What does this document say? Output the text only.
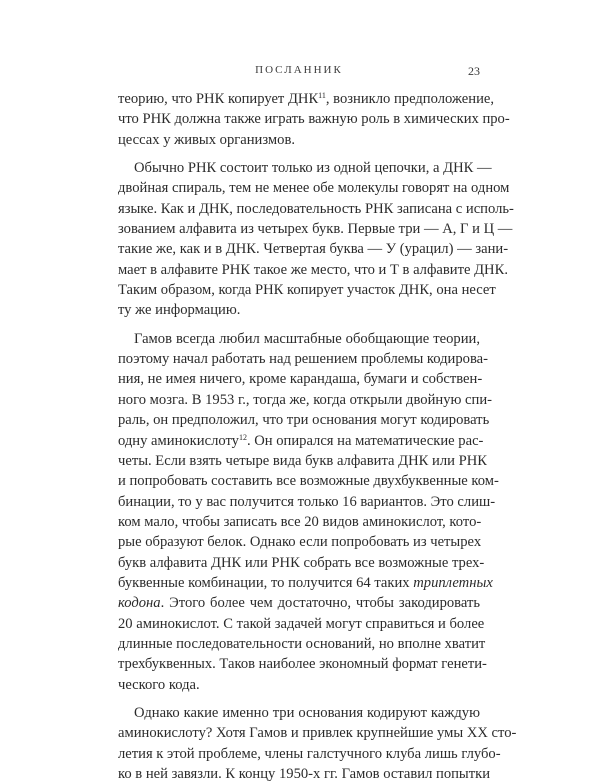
ПОСЛАННИК	23
теорию, что РНК копирует ДНК$^{11}$, возникло предположение,
что РНК должна также играть важную роль в химических про-
цессах у живых организмов.
Обычно РНК состоит только из одной цепочки, а ДНК —
двойная спираль, тем не менее обе молекулы говорят на одном
языке. Как и ДНК, последовательность РНК записана с исполь-
зованием алфавита из четырех букв. Первые три — А, Г и Ц —
такие же, как и в ДНК. Четвертая буква — У (урацил) — зани-
мает в алфавите РНК такое же место, что и Т в алфавите ДНК.
Таким образом, когда РНК копирует участок ДНК, она несет
ту же информацию.
Гамов всегда любил масштабные обобщающие теории,
поэтому начал работать над решением проблемы кодирова-
ния, не имея ничего, кроме карандаша, бумаги и собствен-
ного мозга. В 1953 г., тогда же, когда открыли двойную спи-
раль, он предположил, что три основания могут кодировать
одну аминокислоту$^{12}$. Он опирался на математические рас-
четы. Если взять четыре вида букв алфавита ДНК или РНК
и попробовать составить все возможные двухбуквенные ком-
бинации, то у вас получится только 16 вариантов. Это слиш-
ком мало, чтобы записать все 20 видов аминокислот, кото-
рые образуют белок. Однако если попробовать из четырех
букв алфавита ДНК или РНК собрать все возможные трех-
буквенные комбинации, то получится 64 таких триплетных
кодона. Этого более чем достаточно, чтобы закодировать
20 аминокислот. С такой задачей могут справиться и более
длинные последовательности оснований, но вполне хватит
трехбуквенных. Таков наиболее экономный формат генети-
ческого кода.
Однако какие именно три основания кодируют каждую
аминокислоту? Хотя Гамов и привлек крупнейшие умы XX сто-
летия к этой проблеме, члены галстучного клуба лишь глубо-
ко в ней завязли. К концу 1950-х гг. Гамов оставил попытки
